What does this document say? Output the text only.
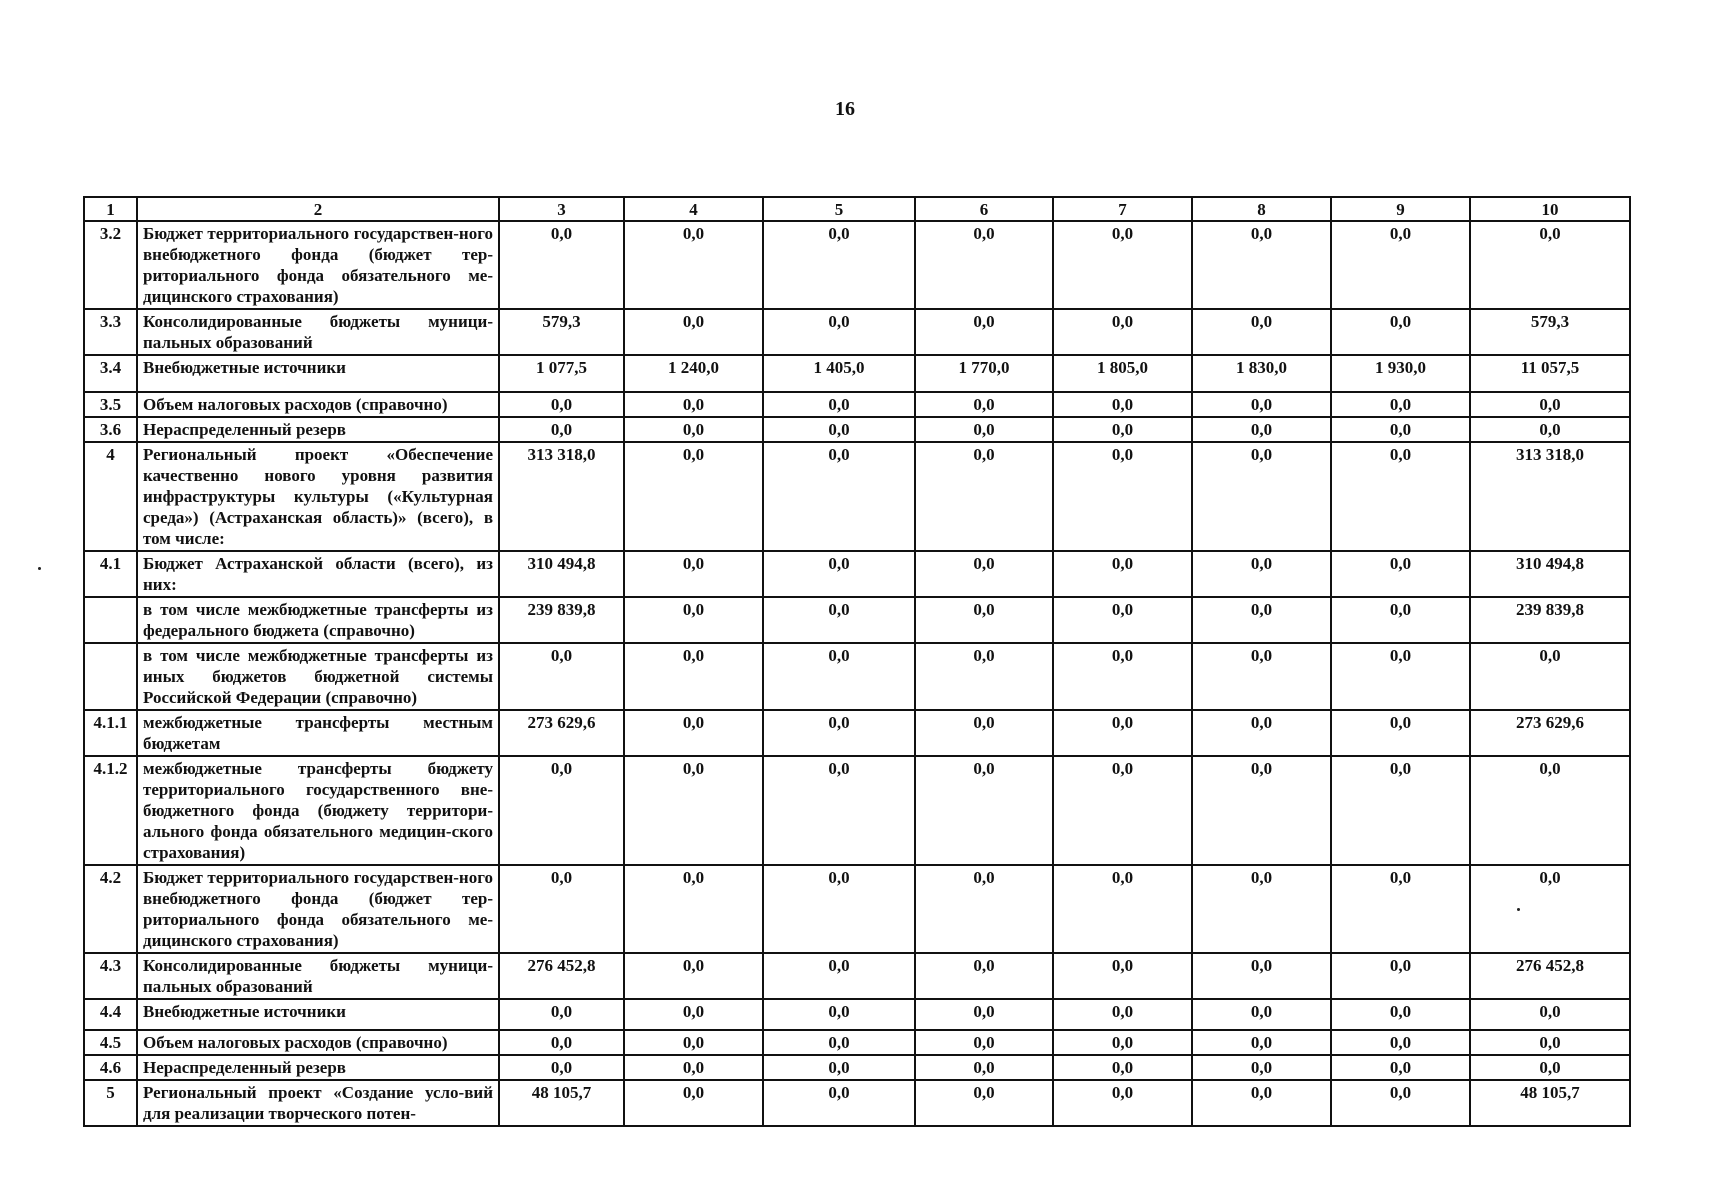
16
1	2	3	4	5	6	7	8	9	10
3.2	Бюджет территориального государствен-ного внебюджетного фонда (бюджет тер-риториального фонда обязательного ме-дицинского страхования)	0,0	0,0	0,0	0,0	0,0	0,0	0,0	0,0
3.3	Консолидированные бюджеты муници-пальных образований	579,3	0,0	0,0	0,0	0,0	0,0	0,0	579,3
3.4	Внебюджетные источники	1 077,5	1 240,0	1 405,0	1 770,0	1 805,0	1 830,0	1 930,0	11 057,5
3.5	Объем налоговых расходов (справочно)	0,0	0,0	0,0	0,0	0,0	0,0	0,0	0,0
3.6	Нераспределенный резерв	0,0	0,0	0,0	0,0	0,0	0,0	0,0	0,0
4	Региональный проект «Обеспечение качественно нового уровня развития инфраструктуры культуры («Культурная среда») (Астраханская область)» (всего), в том числе:	313 318,0	0,0	0,0	0,0	0,0	0,0	0,0	313 318,0
4.1	Бюджет Астраханской области (всего), из них:	310 494,8	0,0	0,0	0,0	0,0	0,0	0,0	310 494,8
	в том числе межбюджетные трансферты из федерального бюджета (справочно)	239 839,8	0,0	0,0	0,0	0,0	0,0	0,0	239 839,8
	в том числе межбюджетные трансферты из иных бюджетов бюджетной системы Российской Федерации (справочно)	0,0	0,0	0,0	0,0	0,0	0,0	0,0	0,0
4.1.1	межбюджетные трансферты местным бюджетам	273 629,6	0,0	0,0	0,0	0,0	0,0	0,0	273 629,6
4.1.2	межбюджетные трансферты бюджету территориального государственного вне-бюджетного фонда (бюджету территори-ального фонда обязательного медицин-ского страхования)	0,0	0,0	0,0	0,0	0,0	0,0	0,0	0,0
4.2	Бюджет территориального государствен-ного внебюджетного фонда (бюджет тер-риториального фонда обязательного ме-дицинского страхования)	0,0	0,0	0,0	0,0	0,0	0,0	0,0	0,0
4.3	Консолидированные бюджеты муници-пальных образований	276 452,8	0,0	0,0	0,0	0,0	0,0	0,0	276 452,8
4.4	Внебюджетные источники	0,0	0,0	0,0	0,0	0,0	0,0	0,0	0,0
4.5	Объем налоговых расходов (справочно)	0,0	0,0	0,0	0,0	0,0	0,0	0,0	0,0
4.6	Нераспределенный резерв	0,0	0,0	0,0	0,0	0,0	0,0	0,0	0,0
5	Региональный проект «Создание усло-вий для реализации творческого потен-	48 105,7	0,0	0,0	0,0	0,0	0,0	0,0	48 105,7
